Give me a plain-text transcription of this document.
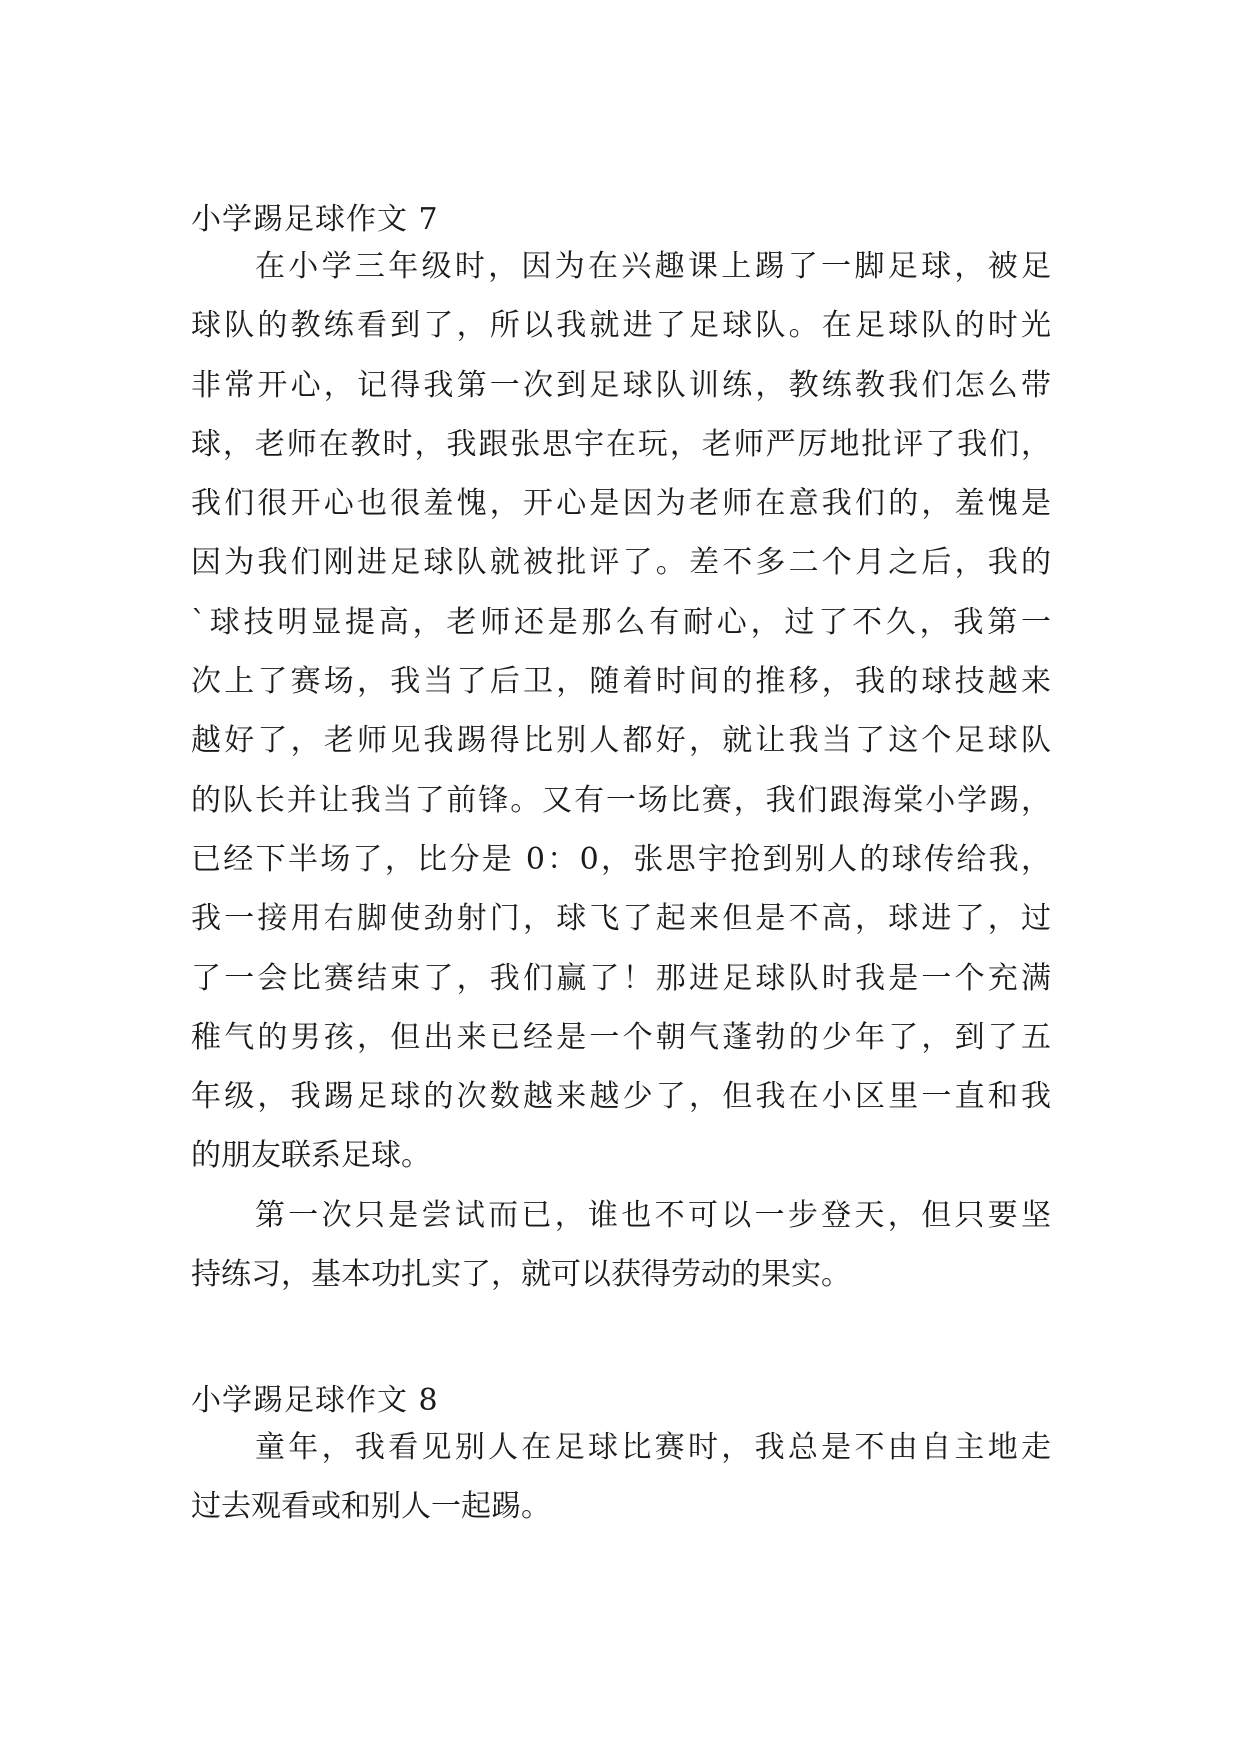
小学踢足球作文 7
在小学三年级时，因为在兴趣课上踢了一脚足球，被足
球队的教练看到了，所以我就进了足球队。在足球队的时光
非常开心，记得我第一次到足球队训练，教练教我们怎么带
球，老师在教时，我跟张思宇在玩，老师严厉地批评了我们，
我们很开心也很羞愧，开心是因为老师在意我们的，羞愧是
因为我们刚进足球队就被批评了。差不多二个月之后，我的
`球技明显提高，老师还是那么有耐心，过了不久，我第一
次上了赛场，我当了后卫，随着时间的推移，我的球技越来
越好了，老师见我踢得比别人都好，就让我当了这个足球队
的队长并让我当了前锋。又有一场比赛，我们跟海棠小学踢，
已经下半场了，比分是 0：0，张思宇抢到别人的球传给我，
我一接用右脚使劲射门，球飞了起来但是不高，球进了，过
了一会比赛结束了，我们赢了！那进足球队时我是一个充满
稚气的男孩，但出来已经是一个朝气蓬勃的少年了，到了五
年级，我踢足球的次数越来越少了，但我在小区里一直和我
的朋友联系足球。
第一次只是尝试而已，谁也不可以一步登天，但只要坚
持练习，基本功扎实了，就可以获得劳动的果实。
小学踢足球作文 8
童年，我看见别人在足球比赛时，我总是不由自主地走
过去观看或和别人一起踢。
